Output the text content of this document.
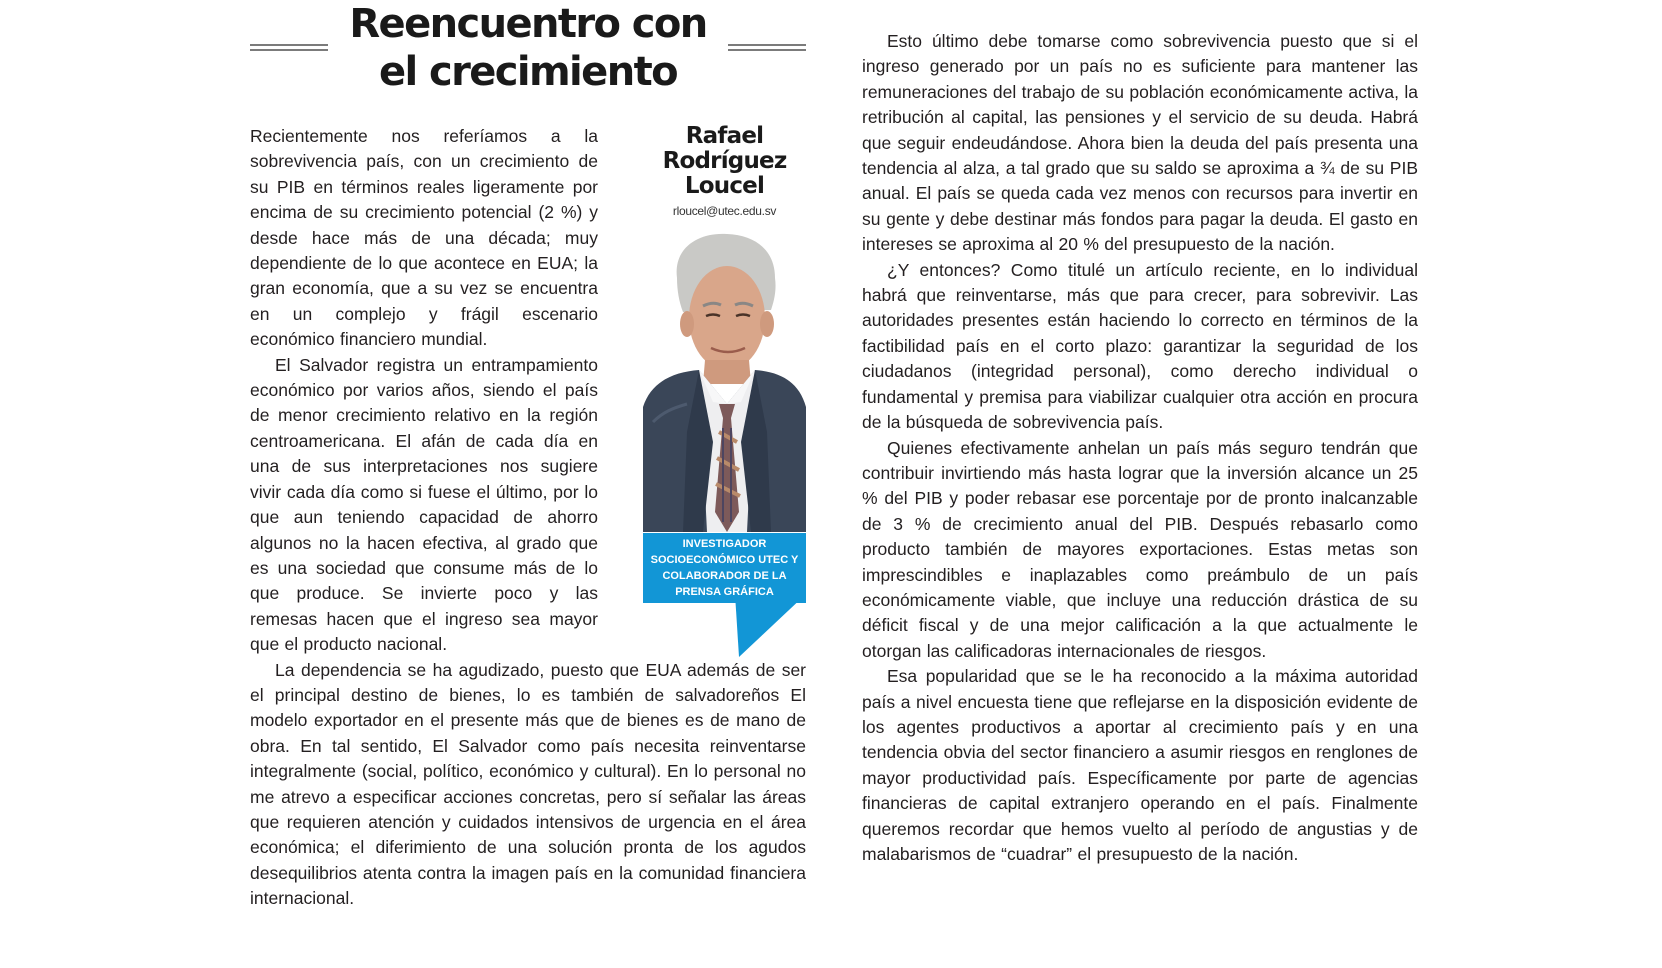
Reencuentro con el crecimiento

Recientemente nos referíamos a la sobrevivencia país, con un crecimiento de su PIB en términos reales ligeramente por encima de su crecimiento potencial (2 %) y desde hace más de una década; muy dependiente de lo que acontece en EUA; la gran economía, que a su vez se encuentra en un complejo y frágil escenario económico financiero mundial.

El Salvador registra un entrampamiento económico por varios años, siendo el país de menor crecimiento relativo en la región centroamericana. El afán de cada día en una de sus interpretaciones nos sugiere vivir cada día como si fuese el último, por lo que aun teniendo capacidad de ahorro algunos no la hacen efectiva, al grado que es una sociedad que consume más de lo que produce. Se invierte poco y las remesas hacen que el ingreso sea mayor que el producto nacional.

La dependencia se ha agudizado, puesto que EUA además de ser el principal destino de bienes, lo es también de salvadoreños El modelo exportador en el presente más que de bienes es de mano de obra. En tal sentido, El Salvador como país necesita reinventarse integralmente (social, político, económico y cultural). En lo personal no me atrevo a especificar acciones concretas, pero sí señalar las áreas que requieren atención y cuidados intensivos de urgencia en el área económica; el diferimiento de una solución pronta de los agudos desequilibrios atenta contra la imagen país en la comunidad financiera internacional.

Rafael
Rodríguez
Loucel
rloucel@utec.edu.sv
INVESTIGADOR SOCIOECONÓMICO UTEC Y COLABORADOR DE LA PRENSA GRÁFICA

Esto último debe tomarse como sobrevivencia puesto que si el ingreso generado por un país no es suficiente para mantener las remuneraciones del trabajo de su población económicamente activa, la retribución al capital, las pensiones y el servicio de su deuda. Habrá que seguir endeudándose. Ahora bien la deuda del país presenta una tendencia al alza, a tal grado que su saldo se aproxima a ¾ de su PIB anual. El país se queda cada vez menos con recursos para invertir en su gente y debe destinar más fondos para pagar la deuda. El gasto en intereses se aproxima al 20 % del presupuesto de la nación.

¿Y entonces? Como titulé un artículo reciente, en lo individual habrá que reinventarse, más que para crecer, para sobrevivir. Las autoridades presentes están haciendo lo correcto en términos de la factibilidad país en el corto plazo: garantizar la seguridad de los ciudadanos (integridad personal), como derecho individual o fundamental y premisa para viabilizar cualquier otra acción en procura de la búsqueda de sobrevivencia país.

Quienes efectivamente anhelan un país más seguro tendrán que contribuir invirtiendo más hasta lograr que la inversión alcance un 25 % del PIB y poder rebasar ese porcentaje por de pronto inalcanzable de 3 % de crecimiento anual del PIB. Después rebasarlo como producto también de mayores exportaciones. Estas metas son imprescindibles e inaplazables como preámbulo de un país económicamente viable, que incluye una reducción drástica de su déficit fiscal y de una mejor calificación a la que actualmente le otorgan las calificadoras internacionales de riesgos.

Esa popularidad que se le ha reconocido a la máxima autoridad país a nivel encuesta tiene que reflejarse en la disposición evidente de los agentes productivos a aportar al crecimiento país y en una tendencia obvia del sector financiero a asumir riesgos en renglones de mayor productividad país. Específicamente por parte de agencias financieras de capital extranjero operando en el país. Finalmente queremos recordar que hemos vuelto al período de angustias y de malabarismos de “cuadrar” el presupuesto de la nación.
